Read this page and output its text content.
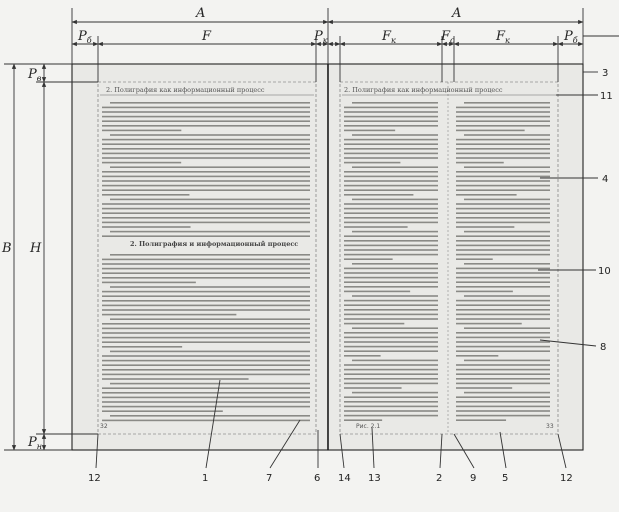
2. Полиграфия как информационный процесс	2. Полиграфия как информационный процесс
2. Полиграфия и информационный процесс
32	Рис. 2.1	33
A	A
$P_б$	F	$P_к$	$F_к$	$F_с$	$F_к$	$P_б$
B H
$P_в$
$P_н$
3
11
4
10
8
12	1	7	6 14 13	2	9	5	12
